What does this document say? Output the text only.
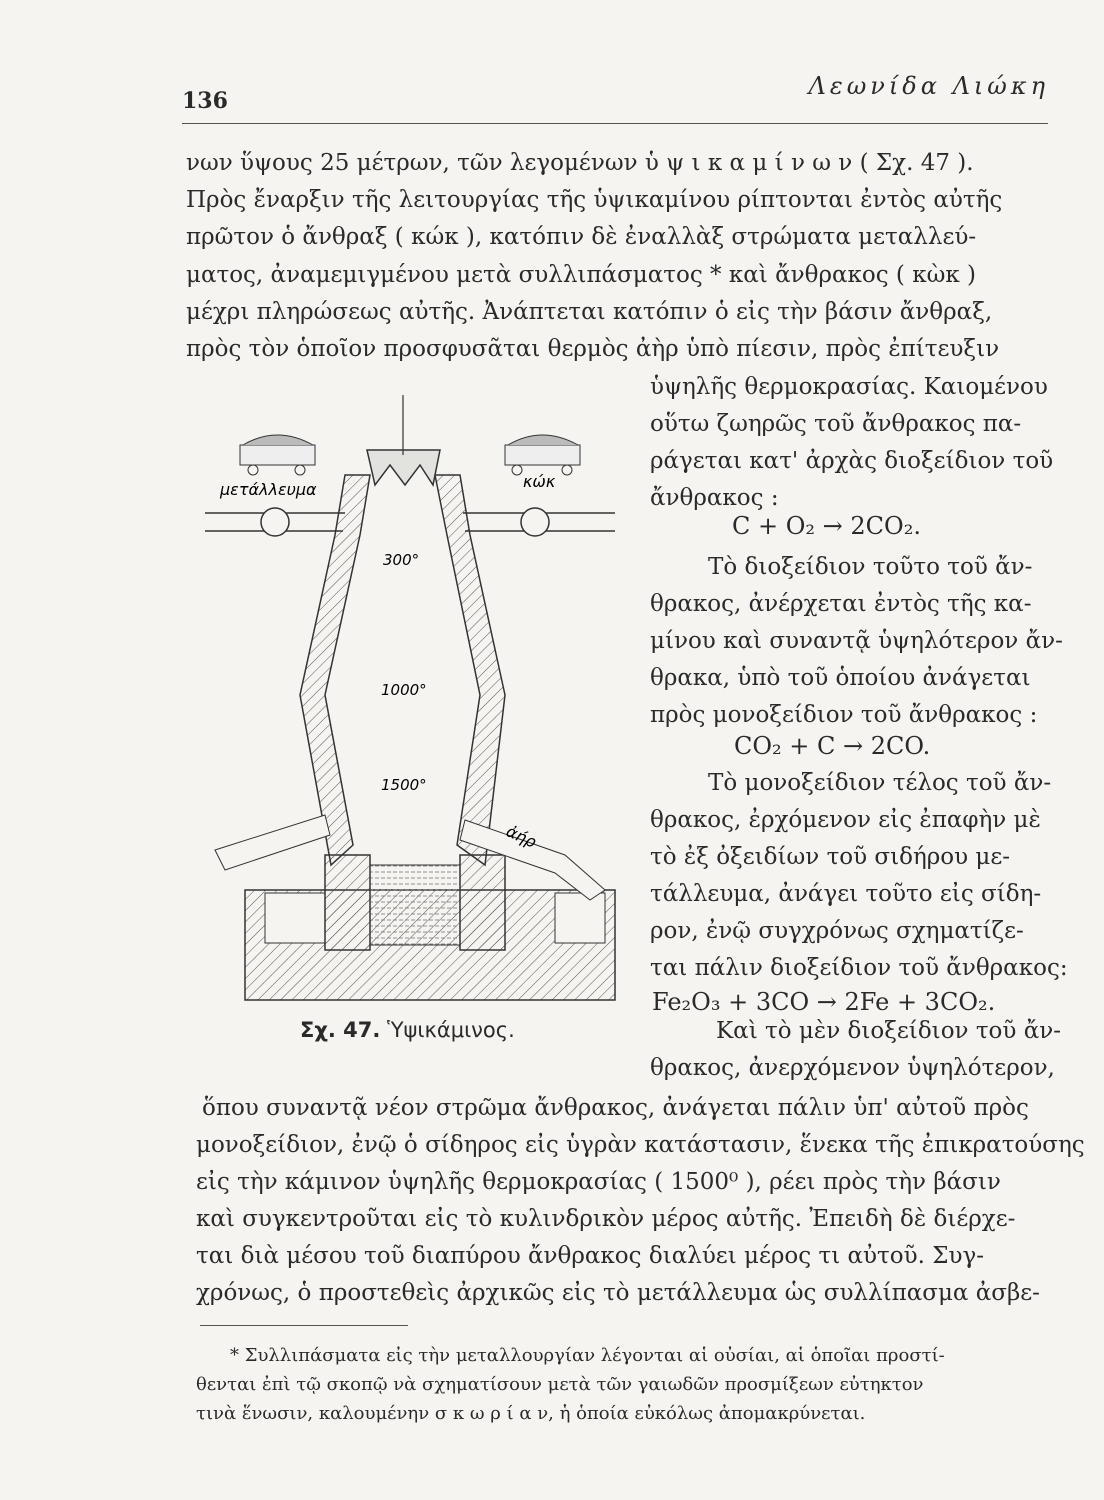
136
Λεωνίδα Λιώκη
νων ὕψους 25 μέτρων, τῶν λεγομένων ὑ ψ ι κ α μ ί ν ω ν ( Σχ. 47 ).
Πρὸς ἔναρξιν τῆς λειτουργίας τῆς ὑψικαμίνου ρίπτονται ἐντὸς αὐτῆς
πρῶτον ὁ ἄνθραξ ( κώκ ), κατόπιν δὲ ἐναλλὰξ στρώματα μεταλλεύ-
ματος, ἀναμεμιγμένου μετὰ συλλιπάσματος * καὶ ἄνθρακος ( κὼκ )
μέχρι πληρώσεως αὐτῆς. Ἀνάπτεται κατόπιν ὁ εἰς τὴν βάσιν ἄνθραξ,
πρὸς τὸν ὁποῖον προσφυσᾶται θερμὸς ἀὴρ ὑπὸ πίεσιν, πρὸς ἐπίτευξιν
ὑψηλῆς θερμοκρασίας. Καιομένου
οὕτω ζωηρῶς τοῦ ἄνθρακος πα-
ράγεται κατ' ἀρχὰς διοξείδιον τοῦ
ἄνθρακος :
C + O₂ → 2CO₂.
Τὸ διοξείδιον τοῦτο τοῦ ἄν-
θρακος, ἀνέρχεται ἐντὸς τῆς κα-
μίνου καὶ συναντᾷ ὑψηλότερον ἄν-
θρακα, ὑπὸ τοῦ ὁποίου ἀνάγεται
πρὸς μονοξείδιον τοῦ ἄνθρακος :
CO₂ + C → 2CO.
Τὸ μονοξείδιον τέλος τοῦ ἄν-
θρακος, ἐρχόμενον εἰς ἐπαφὴν μὲ
τὸ ἐξ ὀξειδίων τοῦ σιδήρου με-
τάλλευμα, ἀνάγει τοῦτο εἰς σίδη-
ρον, ἐνῷ συγχρόνως σχηματίζε-
ται πάλιν διοξείδιον τοῦ ἄνθρακος:
Fe₂O₃ + 3CO → 2Fe + 3CO₂.
Καὶ τὸ μὲν διοξείδιον τοῦ ἄν-
θρακος, ἀνερχόμενον ὑψηλότερον,
ὅπου συναντᾷ νέον στρῶμα ἄνθρακος, ἀνάγεται πάλιν ὑπ' αὐτοῦ πρὸς
μονοξείδιον, ἐνῷ ὁ σίδηρος εἰς ὑγρὰν κατάστασιν, ἕνεκα τῆς ἐπικρατούσης
εἰς τὴν κάμινον ὑψηλῆς θερμοκρασίας ( 1500⁰ ), ρέει πρὸς τὴν βάσιν
καὶ συγκεντροῦται εἰς τὸ κυλινδρικὸν μέρος αὐτῆς. Ἐπειδὴ δὲ διέρχε-
ται διὰ μέσου τοῦ διαπύρου ἄνθρακος διαλύει μέρος τι αὐτοῦ. Συγ-
χρόνως, ὁ προστεθεὶς ἀρχικῶς εἰς τὸ μετάλλευμα ὡς συλλίπασμα ἀσβε-
μετάλλευμα	κώκ
ἀήρ
300°
1000°
1500°
Σχ. 47. Ὑψικάμινος.
* Συλλιπάσματα εἰς τὴν μεταλλουργίαν λέγονται αἱ οὐσίαι, αἱ ὁποῖαι προστί-
θενται ἐπὶ τῷ σκοπῷ νὰ σχηματίσουν μετὰ τῶν γαιωδῶν προσμίξεων εὐτηκτον
τινὰ ἕνωσιν, καλουμένην σ κ ω ρ ί α ν, ἡ ὁποία εὐκόλως ἀπομακρύνεται.
